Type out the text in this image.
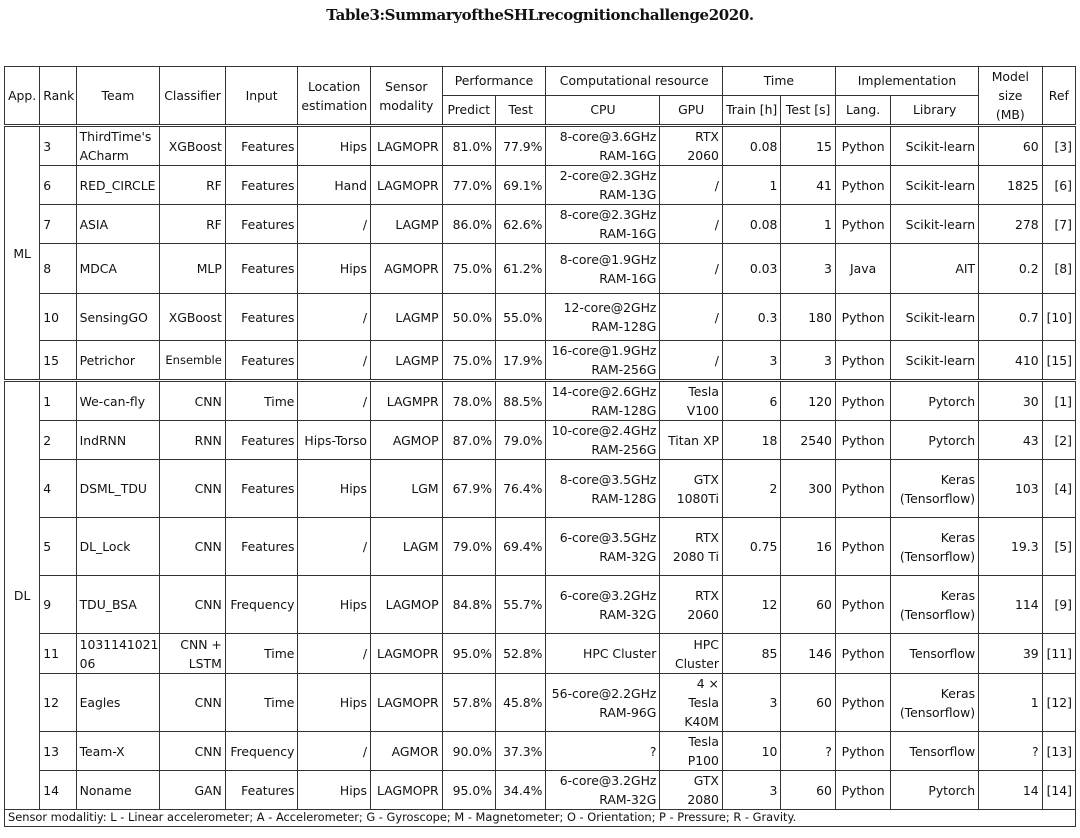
Table3:SummaryoftheSHLrecognitionchallenge2020.
App.	Rank	Team	Classifier	Input	Location estimation	Sensor modality	Performance		Computational resource		Time		Implementation		Model size (MB)	Ref
							Predict	Test	CPU	GPU	Train [h]	Test [s]	Lang.	Library		
ML	3	ThirdTime's ACharm	XGBoost	Features	Hips	LAGMOPR	81.0%	77.9%	8-core@3.6GHz RAM-16G	RTX 2060	0.08	15	Python	Scikit-learn	60	[3]
	6	RED_CIRCLE	RF	Features	Hand	LAGMOPR	77.0%	69.1%	2-core@2.3GHz RAM-13G	/	1	41	Python	Scikit-learn	1825	[6]
	7	ASIA	RF	Features	/	LAGMP	86.0%	62.6%	8-core@2.3GHz RAM-16G	/	0.08	1	Python	Scikit-learn	278	[7]
	8	MDCA	MLP	Features	Hips	AGMOPR	75.0%	61.2%	8-core@1.9GHz RAM-16G	/	0.03	3	Java	AIT	0.2	[8]
	10	SensingGO	XGBoost	Features	/	LAGMP	50.0%	55.0%	12-core@2GHz RAM-128G	/	0.3	180	Python	Scikit-learn	0.7	[10]
	15	Petrichor	Ensemble	Features	/	LAGMP	75.0%	17.9%	16-core@1.9GHz RAM-256G	/	3	3	Python	Scikit-learn	410	[15]
DL	1	We-can-fly	CNN	Time	/	LAGMPR	78.0%	88.5%	14-core@2.6GHz RAM-128G	Tesla V100	6	120	Python	Pytorch	30	[1]
	2	IndRNN	RNN	Features	Hips-Torso	AGMOP	87.0%	79.0%	10-core@2.4GHz RAM-256G	Titan XP	18	2540	Python	Pytorch	43	[2]
	4	DSML_TDU	CNN	Features	Hips	LGM	67.9%	76.4%	8-core@3.5GHz RAM-128G	GTX 1080Ti	2	300	Python	Keras (Tensorflow)	103	[4]
	5	DL_Lock	CNN	Features	/	LAGM	79.0%	69.4%	6-core@3.5GHz RAM-32G	RTX 2080 Ti	0.75	16	Python	Keras (Tensorflow)	19.3	[5]
	9	TDU_BSA	CNN	Frequency	Hips	LAGMOP	84.8%	55.7%	6-core@3.2GHz RAM-32G	RTX 2060	12	60	Python	Keras (Tensorflow)	114	[9]
	11	1031141021 06	CNN + LSTM	Time	/	LAGMOPR	95.0%	52.8%	HPC Cluster	HPC Cluster	85	146	Python	Tensorflow	39	[11]
	12	Eagles	CNN	Time	Hips	LAGMOPR	57.8%	45.8%	56-core@2.2GHz RAM-96G	4 × Tesla K40M	3	60	Python	Keras (Tensorflow)	1	[12]
	13	Team-X	CNN	Frequency	/	AGMOR	90.0%	37.3%	?	Tesla P100	10	?	Python	Tensorflow	?	[13]
	14	Noname	GAN	Features	Hips	LAGMOPR	95.0%	34.4%	6-core@3.2GHz RAM-32G	GTX 2080	3	60	Python	Pytorch	14	[14]
Sensor modalitiy: L - Linear accelerometer; A - Accelerometer; G - Gyroscope; M - Magnetometer; O - Orientation; P - Pressure; R - Gravity.
